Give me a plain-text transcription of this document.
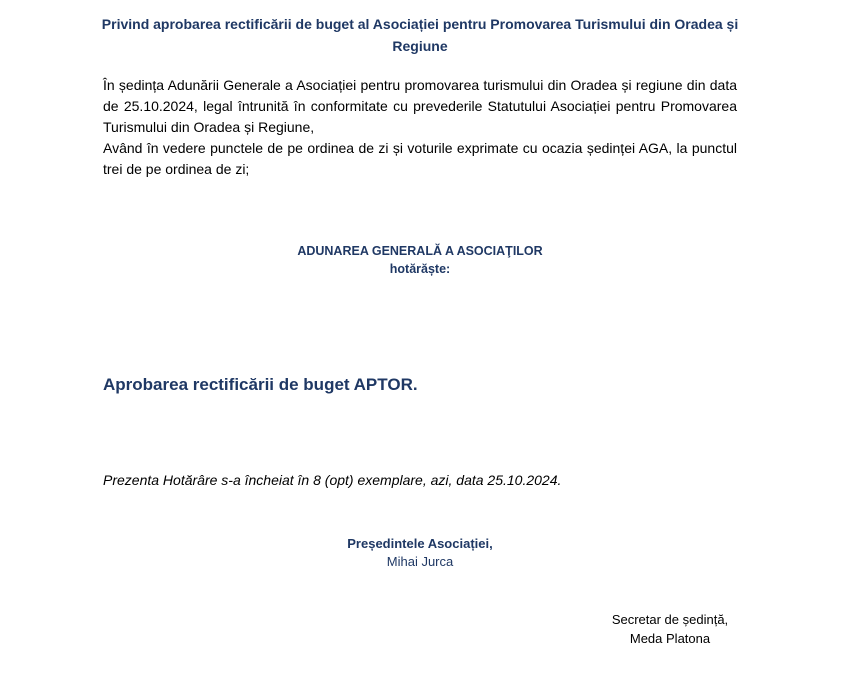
Privind aprobarea rectificării de buget al Asociației pentru Promovarea Turismului din Oradea și Regiune

În ședința Adunării Generale a Asociației pentru promovarea turismului din Oradea și regiune din data de 25.10.2024, legal întrunită în conformitate cu prevederile Statutului Asociației pentru Promovarea Turismului din Oradea și Regiune,

Având în vedere punctele de pe ordinea de zi și voturile exprimate cu ocazia ședinței AGA, la punctul trei de pe ordinea de zi;

ADUNAREA GENERALĂ A ASOCIAŢILOR
hotărăște:
Aprobarea rectificării de buget APTOR.
Prezenta Hotărâre s-a încheiat în 8 (opt) exemplare, azi, data 25.10.2024.
Președintele Asociației,
Mihai Jurca
Secretar de ședință,
Meda Platona
